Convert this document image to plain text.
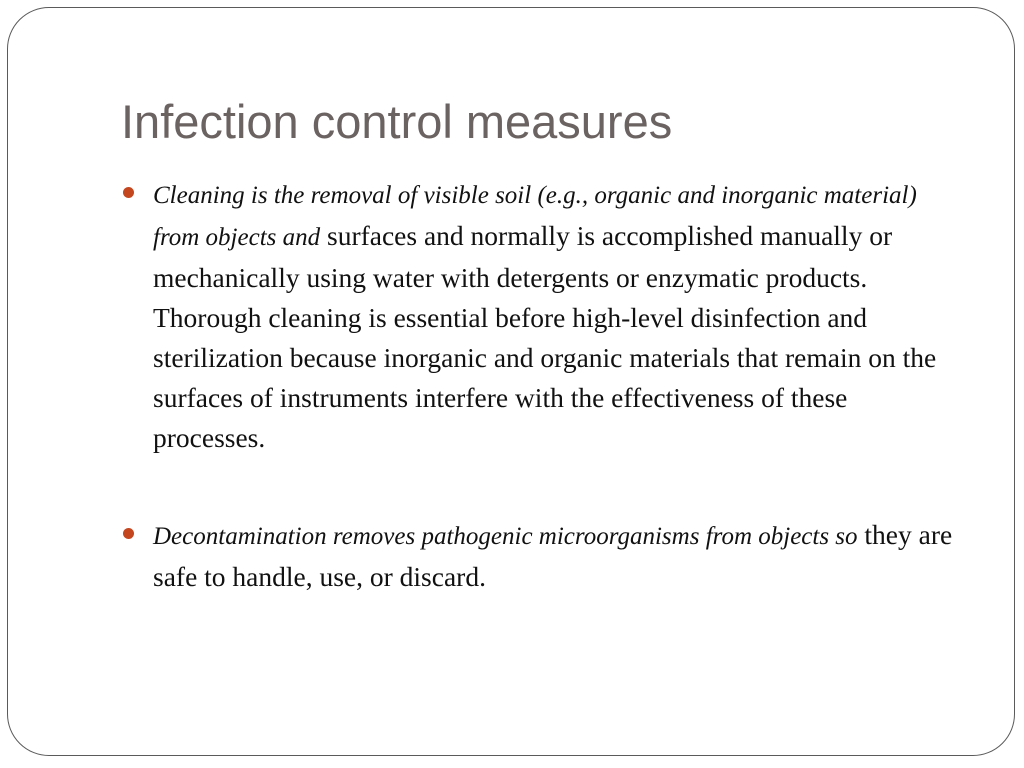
Infection control measures
Cleaning is the removal of visible soil (e.g., organic and inorganic material) from objects and surfaces and normally is accomplished manually or mechanically using water with detergents or enzymatic products. Thorough cleaning is essential before high-level disinfection and sterilization because inorganic and organic materials that remain on the surfaces of instruments interfere with the effectiveness of these processes.
Decontamination removes pathogenic microorganisms from objects so they are safe to handle, use, or discard.
